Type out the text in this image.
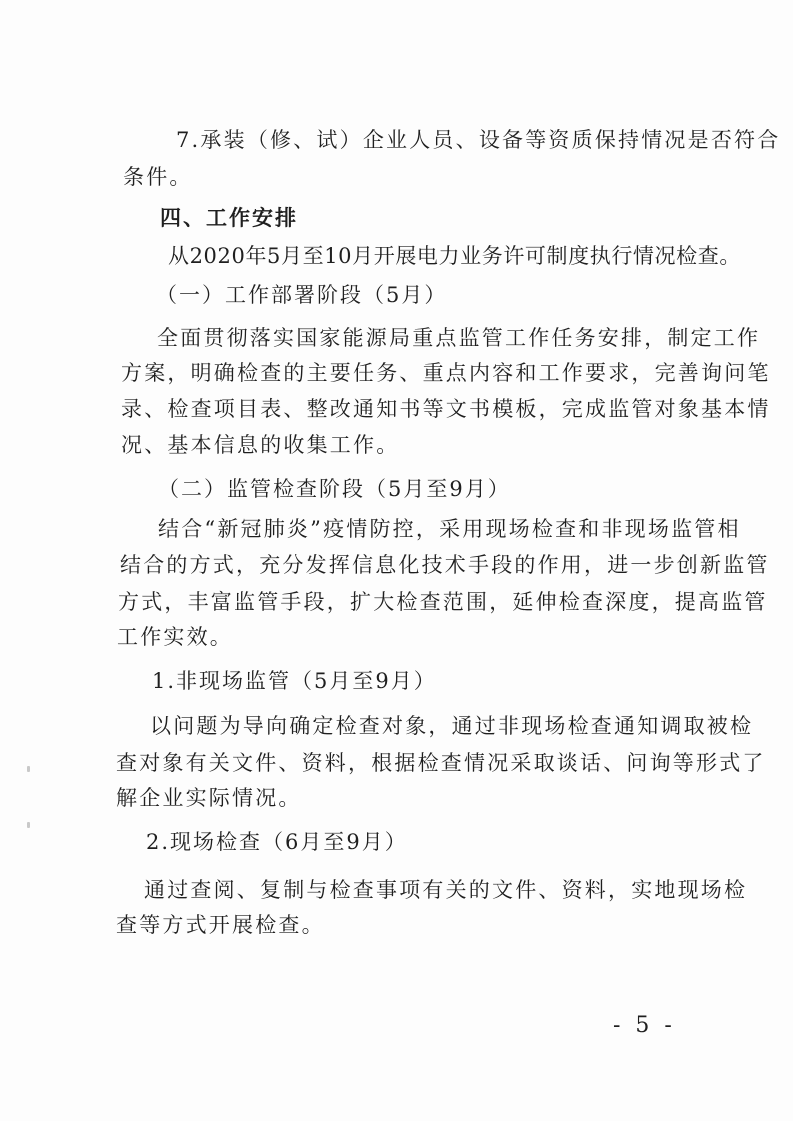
7.承装（修、试）企业人员、设备等资质保持情况是否符合
条件。
四、工作安排
从2020年5月至10月开展电力业务许可制度执行情况检查。
（一）工作部署阶段（5月）
全面贯彻落实国家能源局重点监管工作任务安排，制定工作
方案，明确检查的主要任务、重点内容和工作要求，完善询问笔
录、检查项目表、整改通知书等文书模板，完成监管对象基本情
况、基本信息的收集工作。
（二）监管检查阶段（5月至9月）
结合“新冠肺炎”疫情防控，采用现场检查和非现场监管相
结合的方式，充分发挥信息化技术手段的作用，进一步创新监管
方式，丰富监管手段，扩大检查范围，延伸检查深度，提高监管
工作实效。
1.非现场监管（5月至9月）
以问题为导向确定检查对象，通过非现场检查通知调取被检
查对象有关文件、资料，根据检查情况采取谈话、问询等形式了
解企业实际情况。
2.现场检查（6月至9月）
通过查阅、复制与检查事项有关的文件、资料，实地现场检
查等方式开展检查。
- 5 -
